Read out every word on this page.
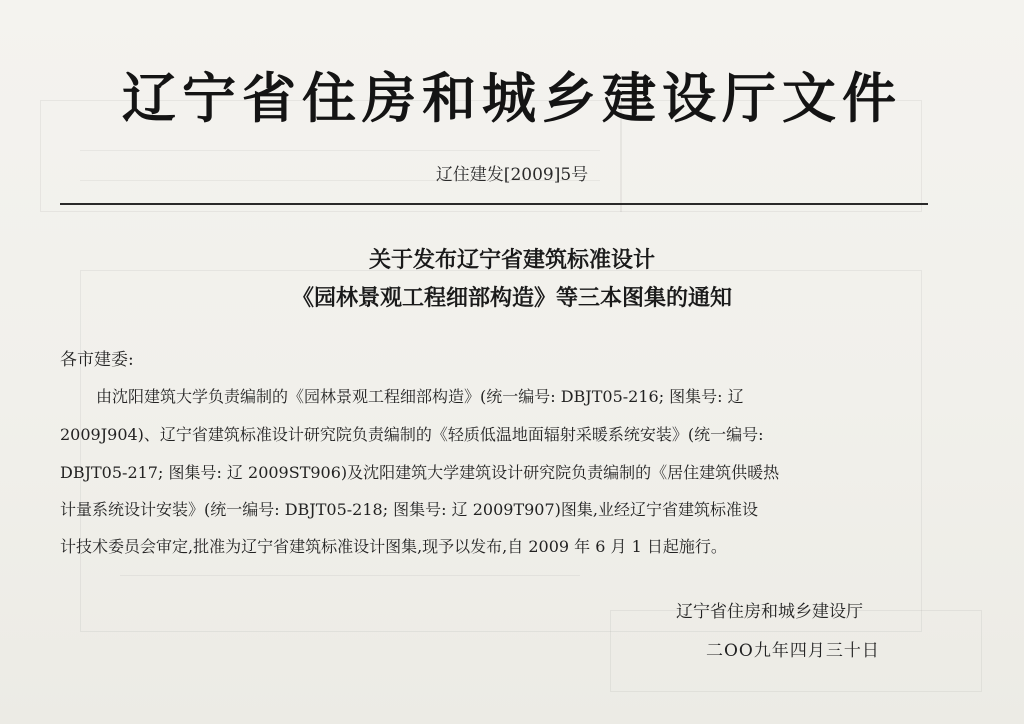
辽宁省住房和城乡建设厅文件
辽住建发[2009]5号
关于发布辽宁省建筑标准设计
《园林景观工程细部构造》等三本图集的通知
各市建委:
由沈阳建筑大学负责编制的《园林景观工程细部构造》(统一编号: DBJT05-216; 图集号: 辽
2009J904)、辽宁省建筑标准设计研究院负责编制的《轻质低温地面辐射采暖系统安装》(统一编号:
DBJT05-217; 图集号: 辽 2009ST906)及沈阳建筑大学建筑设计研究院负责编制的《居住建筑供暖热
计量系统设计安装》(统一编号: DBJT05-218; 图集号: 辽 2009T907)图集,业经辽宁省建筑标准设
计技术委员会审定,批准为辽宁省建筑标准设计图集,现予以发布,自 2009 年 6 月 1 日起施行。
辽宁省住房和城乡建设厅
二OO九年四月三十日
